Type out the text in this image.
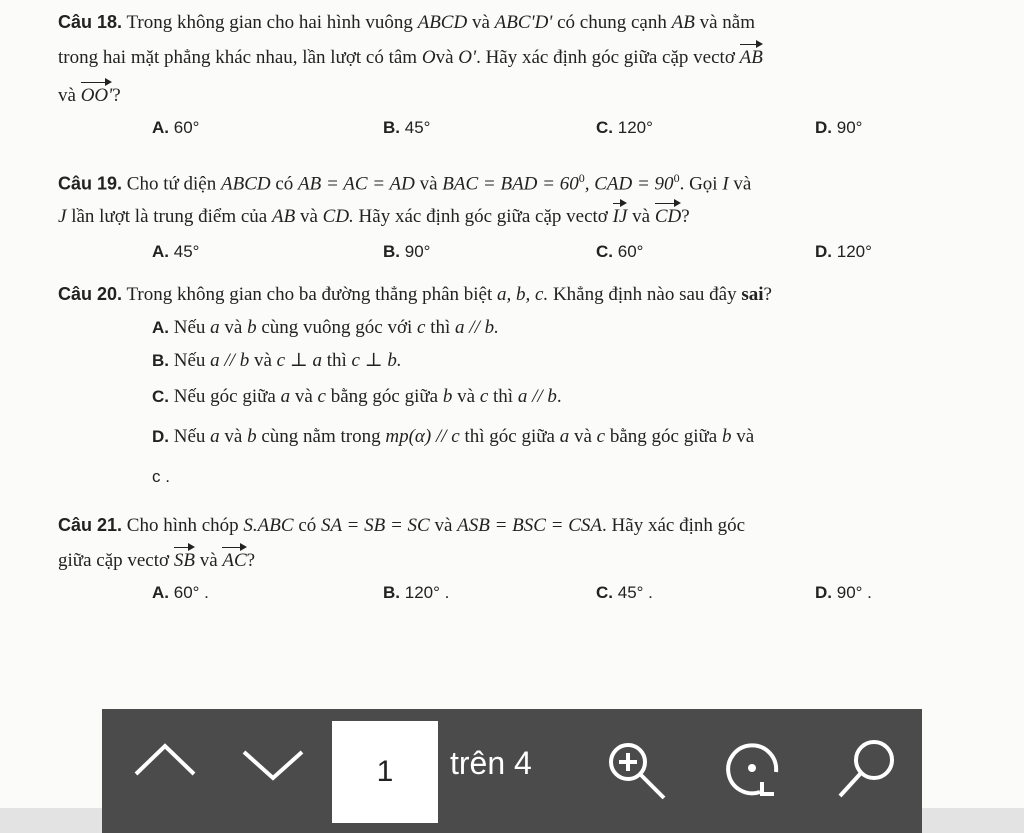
Câu 18. Trong không gian cho hai hình vuông ABCD và ABC'D' có chung cạnh AB và nằm
trong hai mặt phẳng khác nhau, lần lượt có tâm Ovà O'. Hãy xác định góc giữa cặp vectơ AB
và OO'?
A. 60°	B. 45°	C. 120°	D. 90°
Câu 19. Cho tứ diện ABCD có AB = AC = AD và BAC = BAD = $60^0$, CAD = $90^0$. Gọi I và
J lần lượt là trung điểm của AB và CD. Hãy xác định góc giữa cặp vectơ IJ và CD?
A. 45°	B. 90°	C. 60°	D. 120°
Câu 20. Trong không gian cho ba đường thẳng phân biệt a, b, c. Khẳng định nào sau đây sai?
A. Nếu a và b cùng vuông góc với c thì a // b.
B. Nếu a // b và c ⊥ a thì c ⊥ b.
C. Nếu góc giữa a và c bằng góc giữa b và c thì a // b.
D. Nếu a và b cùng nằm trong mp(α) // c thì góc giữa a và c bằng góc giữa b và
c .
Câu 21. Cho hình chóp S.ABC có SA = SB = SC và ASB = BSC = CSA. Hãy xác định góc
giữa cặp vectơ SB và AC?
A. 60° .	B. 120° .	C. 45° .	D. 90° .
1 trên 4
